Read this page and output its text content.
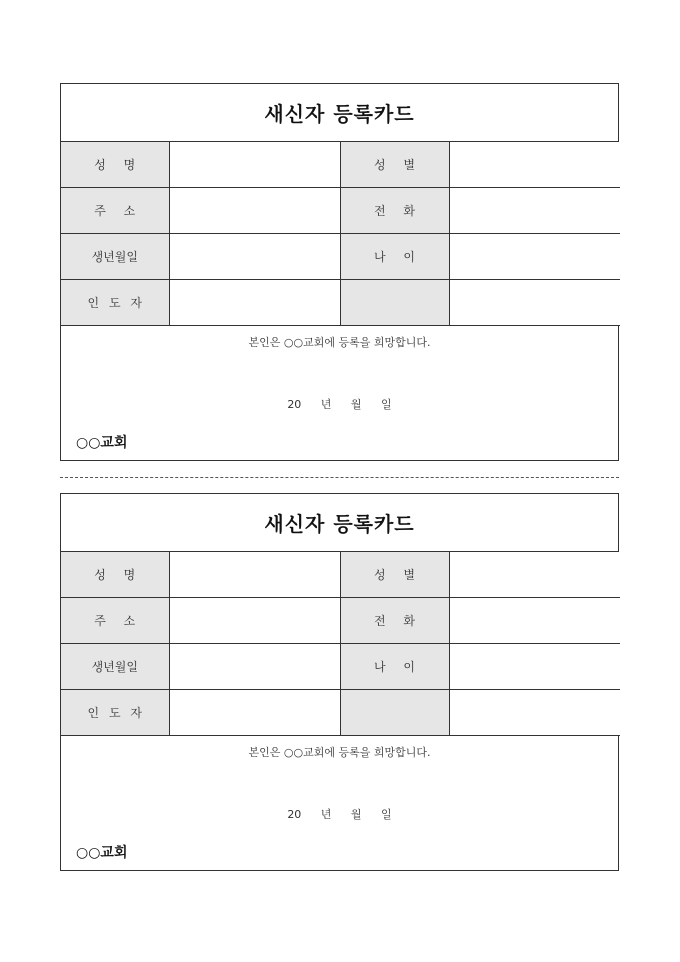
새신자 등록카드
성 명		성 별	
주 소		전 화	
생년월일		나 이	
인 도 자			
본인은 ○○교회에 등록을 희망합니다.
20 년 월 일
○○교회
새신자 등록카드
성 명		성 별	
주 소		전 화	
생년월일		나 이	
인 도 자			
본인은 ○○교회에 등록을 희망합니다.
20 년 월 일
○○교회
